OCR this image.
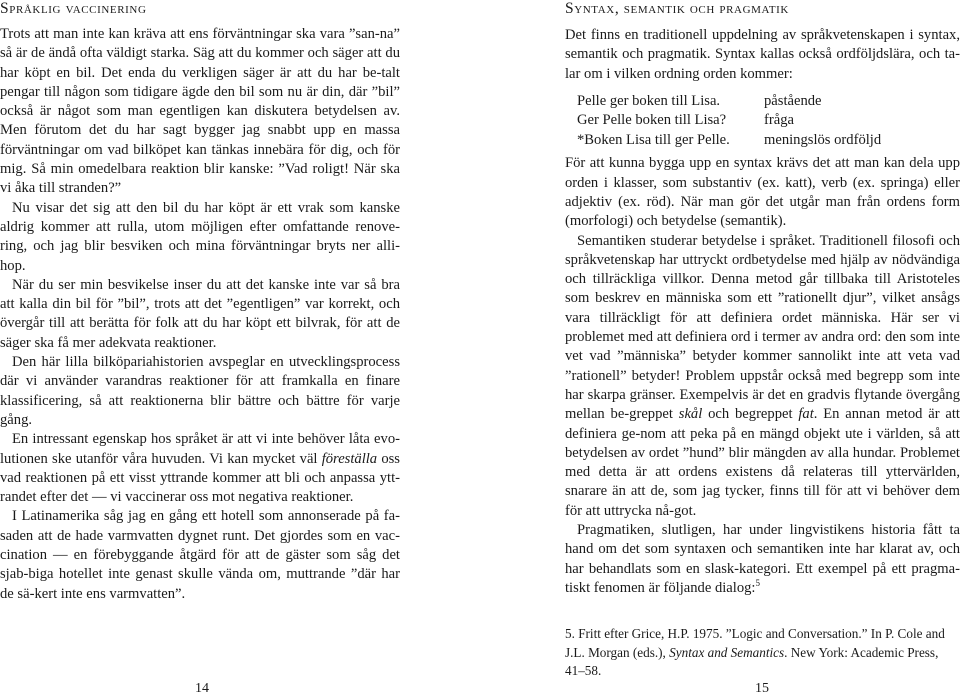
Språklig vaccinering

Trots att man inte kan kräva att ens förväntningar ska vara ”san-na” så är de ändå ofta väldigt starka. Säg att du kommer och säger att du har köpt en bil. Det enda du verkligen säger är att du har be-talt pengar till någon som tidigare ägde den bil som nu är din, där ”bil” också är något som man egentligen kan diskutera betydelsen av. Men förutom det du har sagt bygger jag snabbt upp en massa förväntningar om vad bilköpet kan tänkas innebära för dig, och för mig. Så min omedelbara reaktion blir kanske: ”Vad roligt! När ska vi åka till stranden?”

Nu visar det sig att den bil du har köpt är ett vrak som kanske aldrig kommer att rulla, utom möjligen efter omfattande renove-ring, och jag blir besviken och mina förväntningar bryts ner alli-hop.

När du ser min besvikelse inser du att det kanske inte var så bra att kalla din bil för ”bil”, trots att det ”egentligen” var korrekt, och övergår till att berätta för folk att du har köpt ett bilvrak, för att de säger ska få mer adekvata reaktioner.

Den här lilla bilköpariahistorien avspeglar en utvecklingsprocess där vi använder varandras reaktioner för att framkalla en finare klassificering, så att reaktionerna blir bättre och bättre för varje gång.

En intressant egenskap hos språket är att vi inte behöver låta evo-lutionen ske utanför våra huvuden. Vi kan mycket väl föreställa oss vad reaktionen på ett visst yttrande kommer att bli och anpassa ytt-randet efter det — vi vaccinerar oss mot negativa reaktioner.

I Latinamerika såg jag en gång ett hotell som annonserade på fa-saden att de hade varmvatten dygnet runt. Det gjordes som en vac-cination — en förebyggande åtgärd för att de gäster som såg det sjab-biga hotellet inte genast skulle vända om, muttrande ”där har de sä-kert inte ens varmvatten”.

14
Syntax, semantik och pragmatik

Det finns en traditionell uppdelning av språkvetenskapen i syntax, semantik och pragmatik. Syntax kallas också ordföljdslära, och ta-lar om i vilken ordning orden kommer:

Pelle ger boken till Lisa.	påstående
Ger Pelle boken till Lisa?	fråga
*Boken Lisa till ger Pelle.	meningslös ordföljd

För att kunna bygga upp en syntax krävs det att man kan dela upp orden i klasser, som substantiv (ex. katt), verb (ex. springa) eller adjektiv (ex. röd). När man gör det utgår man från ordens form (morfologi) och betydelse (semantik).

Semantiken studerar betydelse i språket. Traditionell filosofi och språkvetenskap har uttryckt ordbetydelse med hjälp av nödvändiga och tillräckliga villkor. Denna metod går tillbaka till Aristoteles som beskrev en människa som ett ”rationellt djur”, vilket ansågs vara tillräckligt för att definiera ordet människa. Här ser vi problemet med att definiera ord i termer av andra ord: den som inte vet vad ”människa” betyder kommer sannolikt inte att veta vad ”rationell” betyder! Problem uppstår också med begrepp som inte har skarpa gränser. Exempelvis är det en gradvis flytande övergång mellan be-greppet skål och begreppet fat. En annan metod är att definiera ge-nom att peka på en mängd objekt ute i världen, så att betydelsen av ordet ”hund” blir mängden av alla hundar. Problemet med detta är att ordens existens då relateras till yttervärlden, snarare än att de, som jag tycker, finns till för att vi behöver dem för att uttrycka nå-got.

Pragmatiken, slutligen, har under lingvistikens historia fått ta hand om det som syntaxen och semantiken inte har klarat av, och har behandlats som en slask-kategori. Ett exempel på ett pragma-tiskt fenomen är följande dialog:$^5$

5. Fritt efter Grice, H.P. 1975. ”Logic and Conversation.” In P. Cole and J.L. Morgan (eds.), Syntax and Semantics. New York: Academic Press, 41–58.
15
